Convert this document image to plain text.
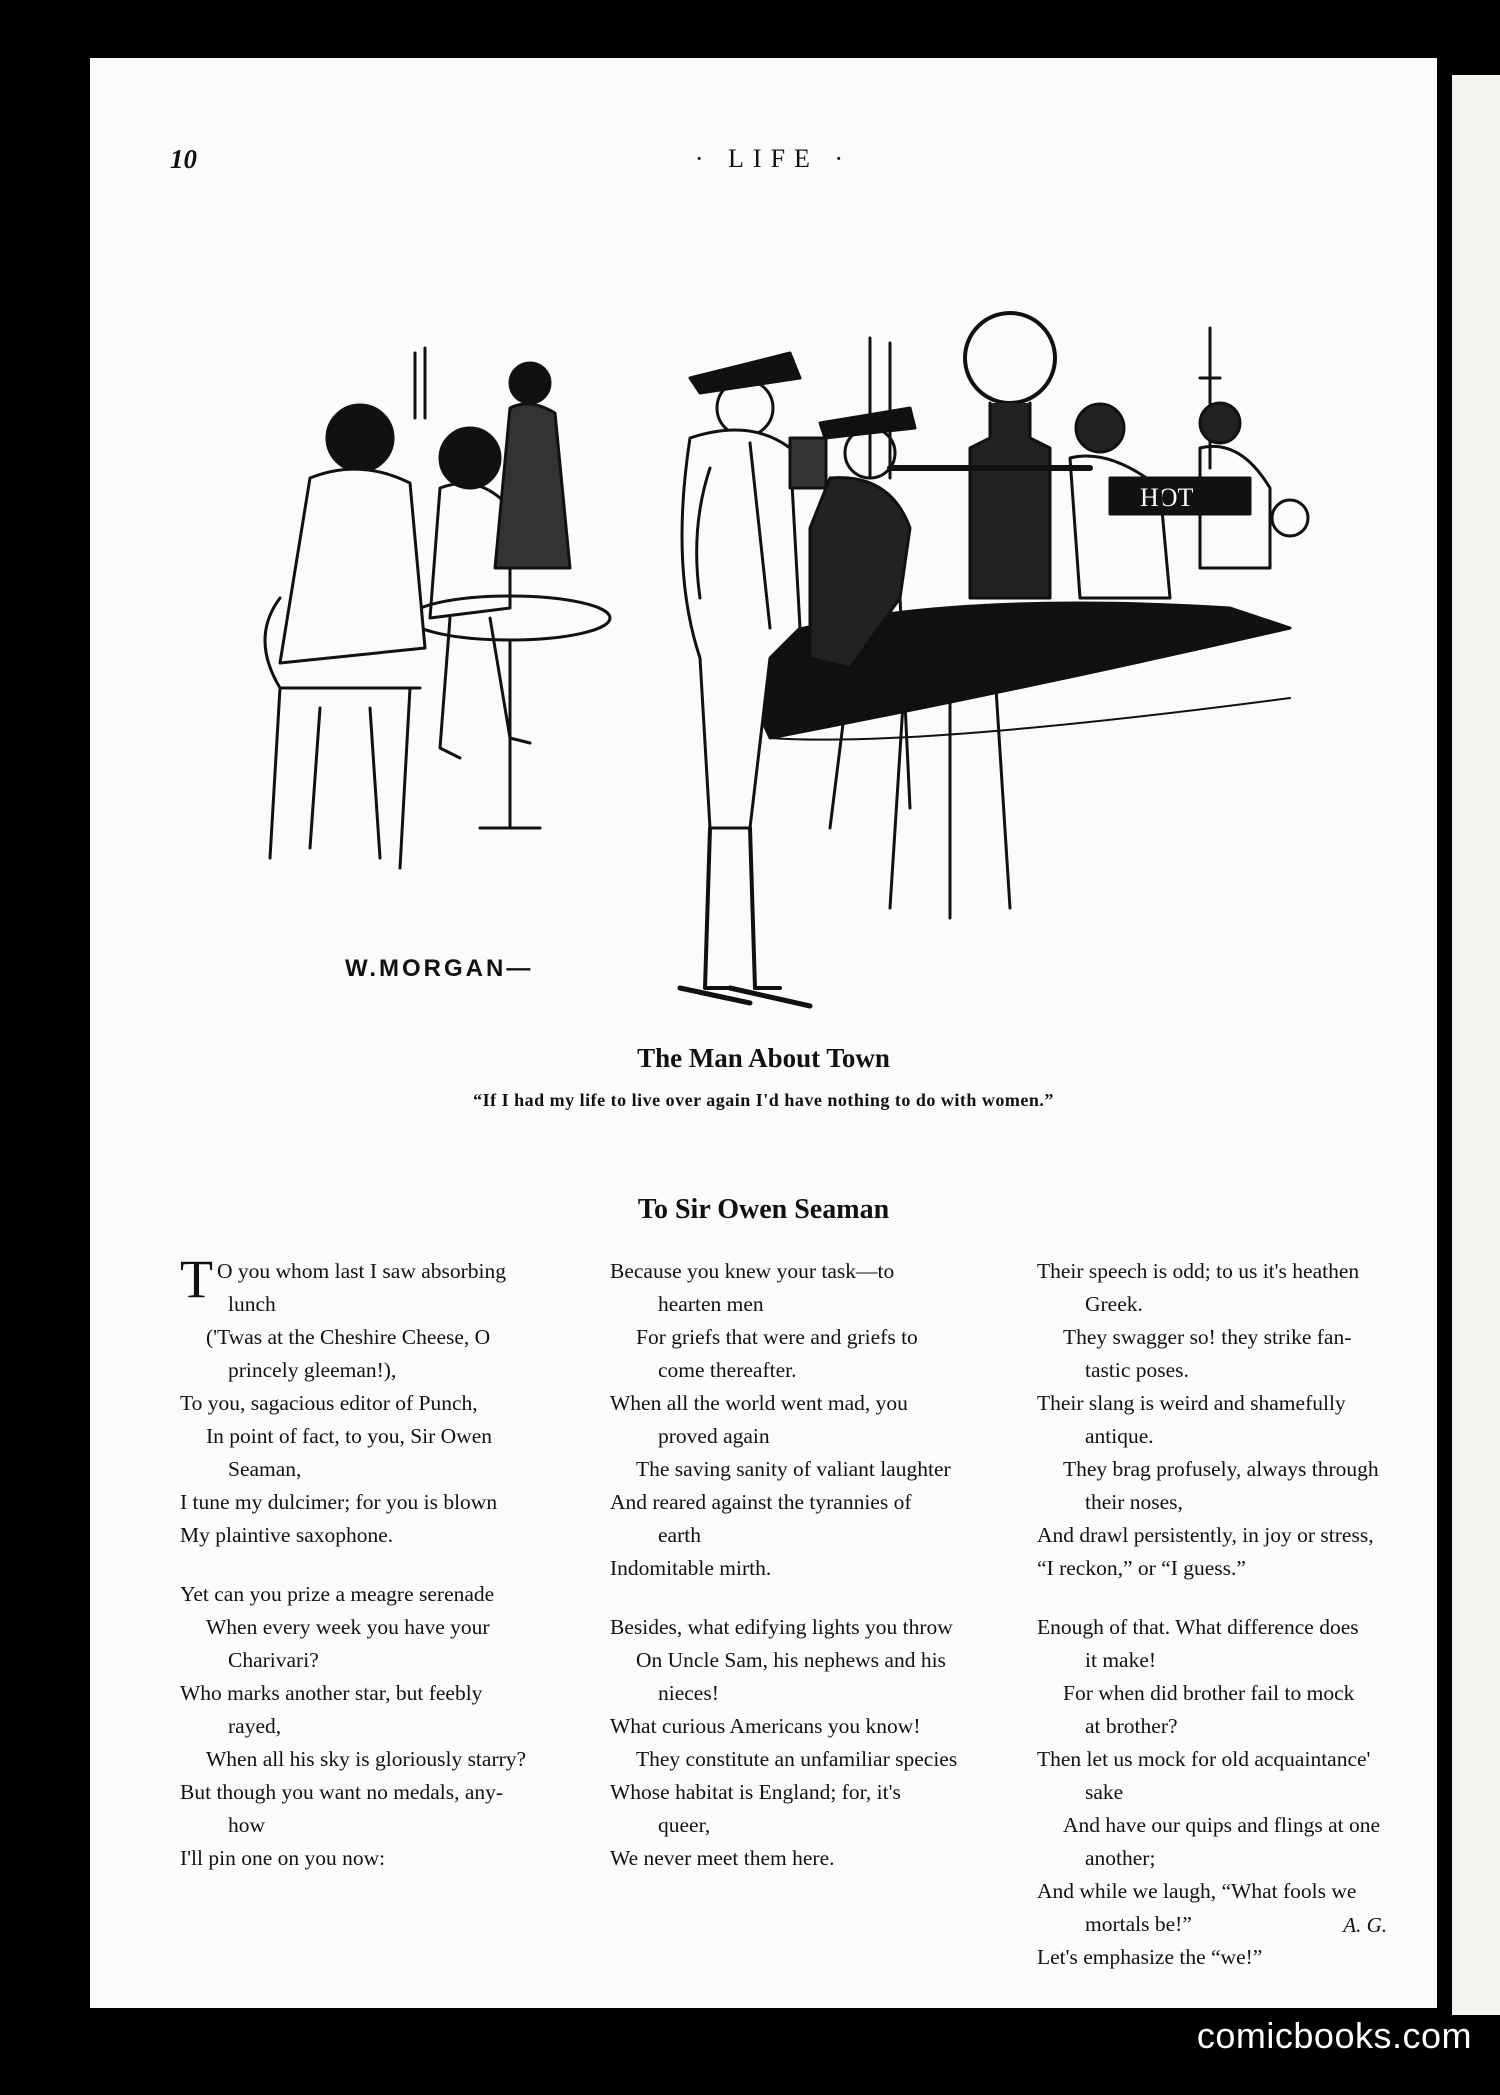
10	· LIFE ·
HOT
W.MORGAN—
The Man About Town
“If I had my life to live over again I'd have nothing to do with women.”
To Sir Owen Seaman
T O you whom last I saw absorbing
lunch
('Twas at the Cheshire Cheese, O
princely gleeman!),
To you, sagacious editor of Punch,
In point of fact, to you, Sir Owen
Seaman,
I tune my dulcimer; for you is blown
My plaintive saxophone.
Yet can you prize a meagre serenade
When every week you have your
Charivari?
Who marks another star, but feebly
rayed,
When all his sky is gloriously starry?
But though you want no medals, any-
how
I'll pin one on you now:
Because you knew your task—to
hearten men
For griefs that were and griefs to
come thereafter.
When all the world went mad, you
proved again
The saving sanity of valiant laughter
And reared against the tyrannies of
earth
Indomitable mirth.
Besides, what edifying lights you throw
On Uncle Sam, his nephews and his
nieces!
What curious Americans you know!
They constitute an unfamiliar species
Whose habitat is England; for, it's
queer,
We never meet them here.
Their speech is odd; to us it's heathen
Greek.
They swagger so! they strike fan-
tastic poses.
Their slang is weird and shamefully
antique.
They brag profusely, always through
their noses,
And drawl persistently, in joy or stress,
“I reckon,” or “I guess.”
Enough of that. What difference does
it make!
For when did brother fail to mock
at brother?
Then let us mock for old acquaintance'
sake
And have our quips and flings at one
another;
And while we laugh, “What fools we
mortals be!”
Let's emphasize the “we!”
A. G.
comicbooks.com
